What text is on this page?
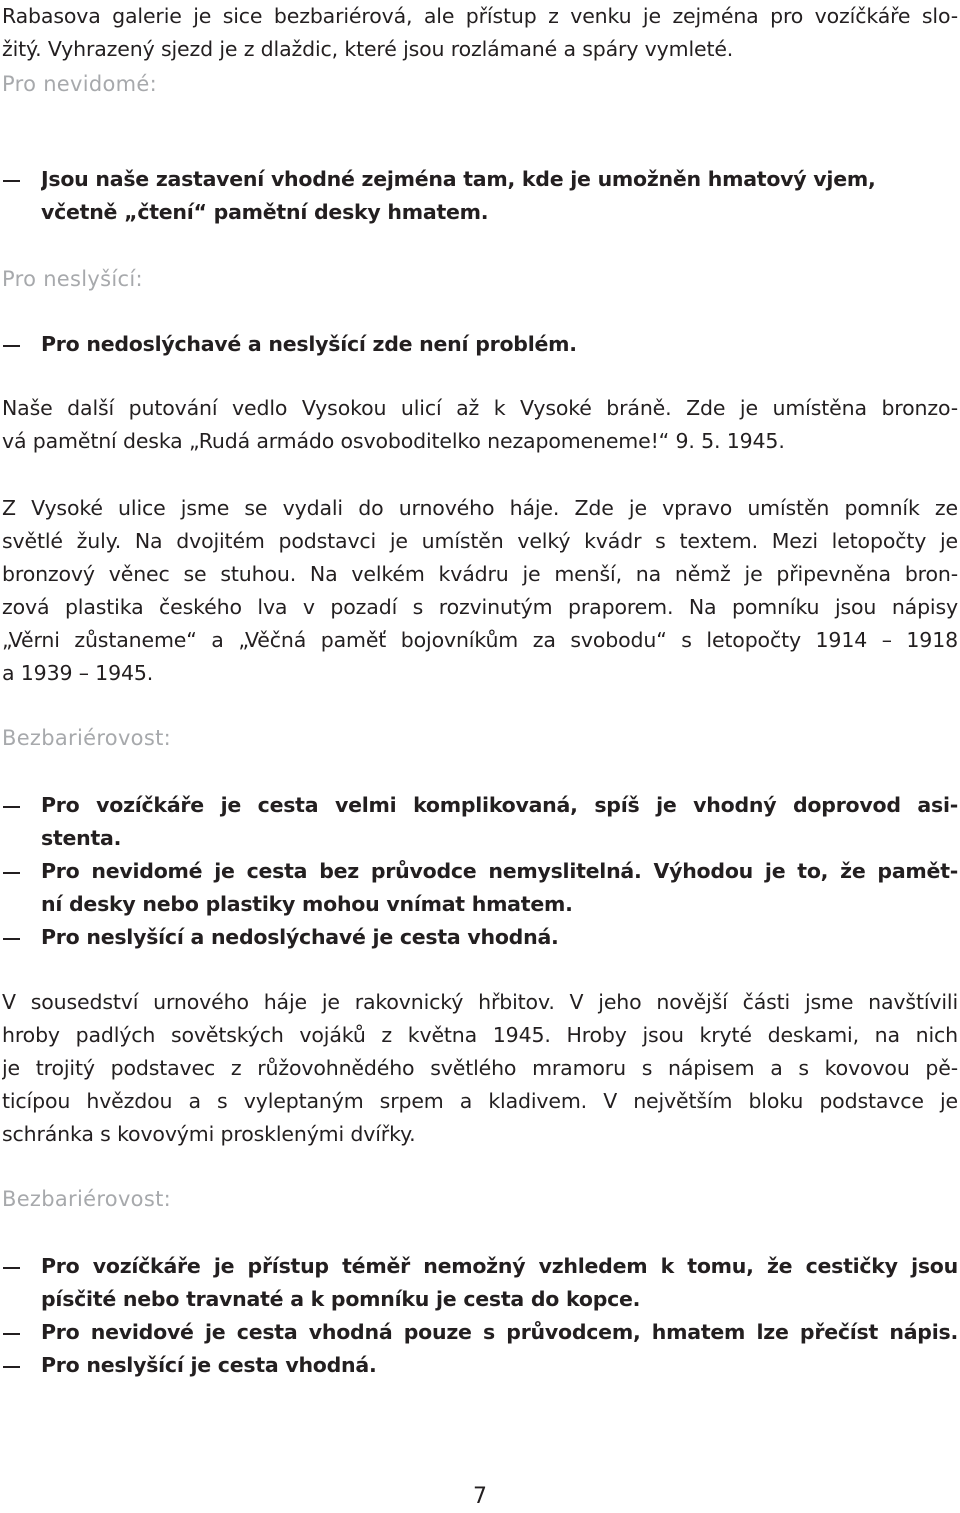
Rabasova galerie je sice bezbariérová, ale přístup z venku je zejména pro vozíčkáře slo-
žitý. Vyhrazený sjezd je z dlaždic, které jsou rozlámané a spáry vymleté.
Pro nevidomé:
Jsou naše zastavení vhodné zejména tam, kde je umožněn hmatový vjem,
včetně „čtení“ pamětní desky hmatem.
Pro neslyšící:
Pro nedoslýchavé a neslyšící zde není problém.
Naše další putování vedlo Vysokou ulicí až k Vysoké bráně. Zde je umístěna bronzo-
vá pamětní deska „Rudá armádo osvoboditelko nezapomeneme!“ 9. 5. 1945.
Z Vysoké ulice jsme se vydali do urnového háje. Zde je vpravo umístěn pomník ze
světlé žuly. Na dvojitém podstavci je umístěn velký kvádr s textem. Mezi letopočty je
bronzový věnec se stuhou. Na velkém kvádru je menší, na němž je připevněna bron-
zová plastika českého lva v pozadí s rozvinutým praporem. Na pomníku jsou nápisy
„Věrni zůstaneme“ a „Věčná paměť bojovníkům za svobodu“ s letopočty 1914 – 1918
a 1939 – 1945.
Bezbariérovost:
Pro vozíčkáře je cesta velmi komplikovaná, spíš je vhodný doprovod asi-
stenta.
Pro nevidomé je cesta bez průvodce nemyslitelná. Výhodou je to, že pamět-
ní desky nebo plastiky mohou vnímat hmatem.
Pro neslyšící a nedoslýchavé je cesta vhodná.
V sousedství urnového háje je rakovnický hřbitov. V jeho novější části jsme navštívili
hroby padlých sovětských vojáků z května 1945. Hroby jsou kryté deskami, na nich
je trojitý podstavec z růžovohnědého světlého mramoru s nápisem a s kovovou pě-
ticípou hvězdou a s vyleptaným srpem a kladivem. V největším bloku podstavce je
schránka s kovovými prosklenými dvířky.
Bezbariérovost:
Pro vozíčkáře je přístup téměř nemožný vzhledem k tomu, že cestičky jsou
písčité nebo travnaté a k pomníku je cesta do kopce.
Pro nevidové je cesta vhodná pouze s průvodcem, hmatem lze přečíst nápis.
Pro neslyšící je cesta vhodná.
7
